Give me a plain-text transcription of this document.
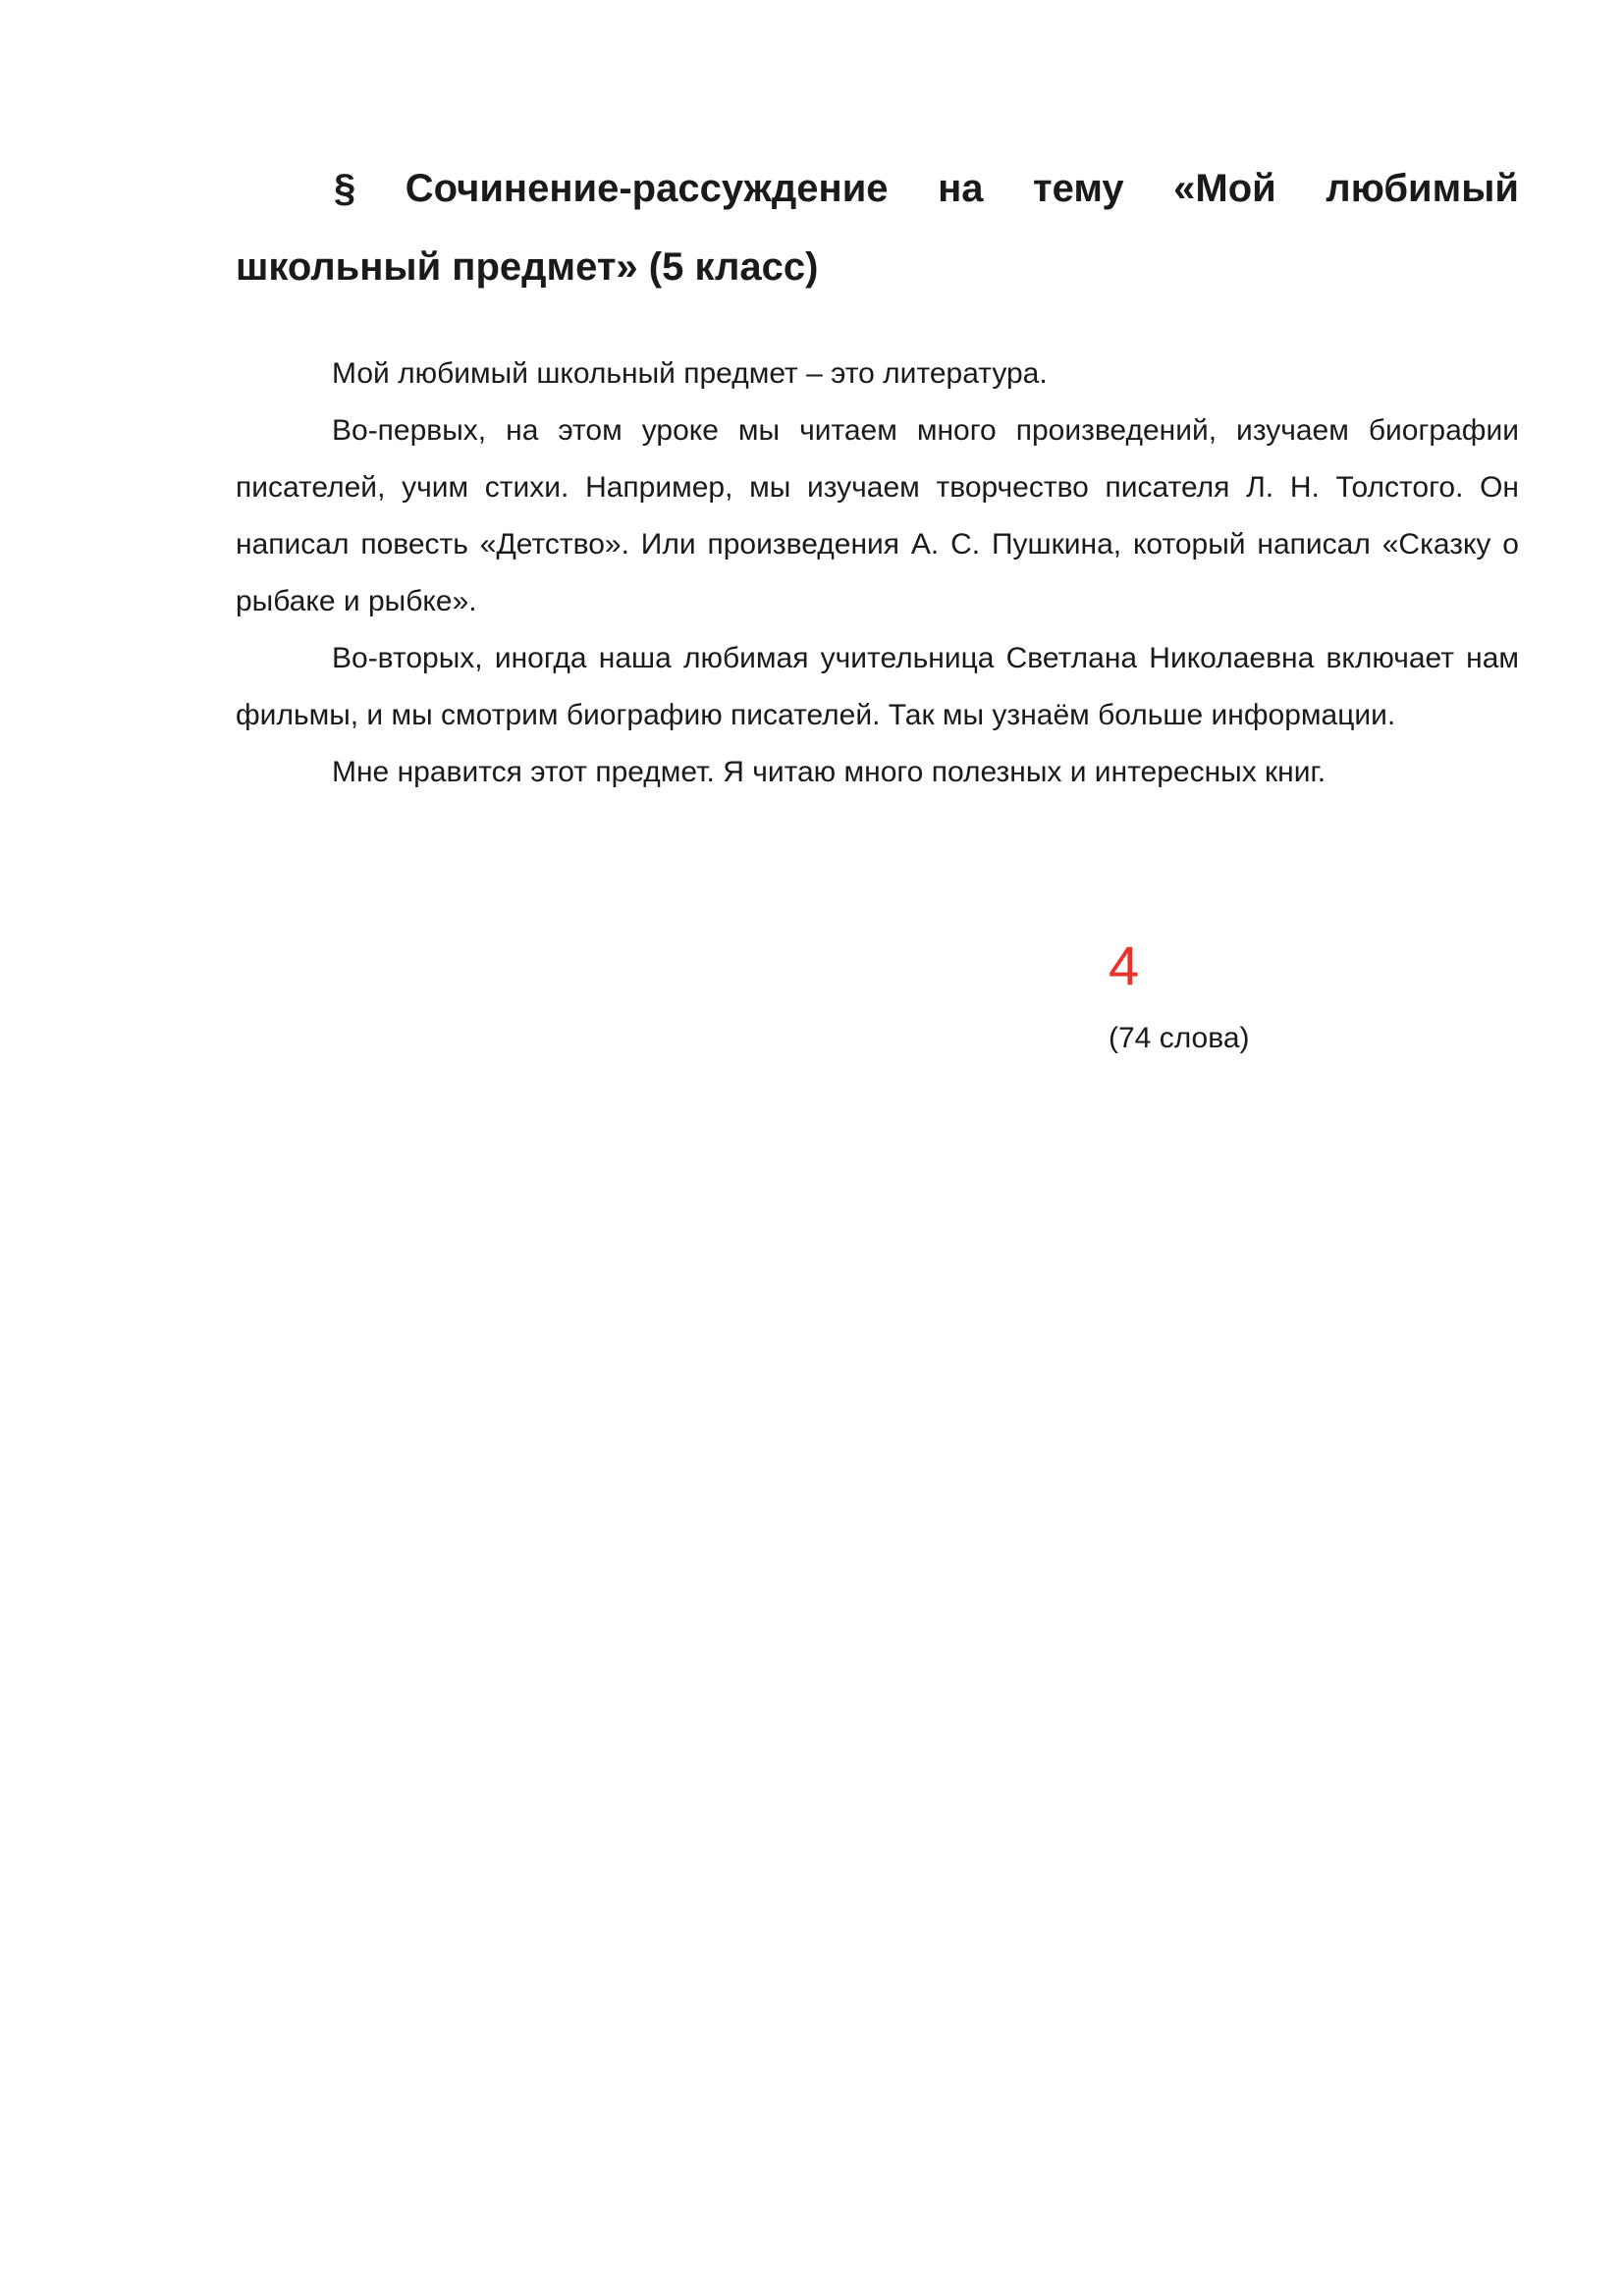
§ Сочинение-рассуждение на тему «Мой любимый школьный предмет» (5 класс)

Мой любимый школьный предмет – это литература.

Во-первых, на этом уроке мы читаем много произведений, изучаем биографии писателей, учим стихи. Например, мы изучаем творчество писателя Л. Н. Толстого. Он написал повесть «Детство». Или произведения А. С. Пушкина, который написал «Сказку о рыбаке и рыбке».

Во-вторых, иногда наша любимая учительница Светлана Николаевна включает нам фильмы, и мы смотрим биографию писателей. Так мы узнаём больше информации.

Мне нравится этот предмет. Я читаю много полезных и интересных книг.

4
(74 слова)
